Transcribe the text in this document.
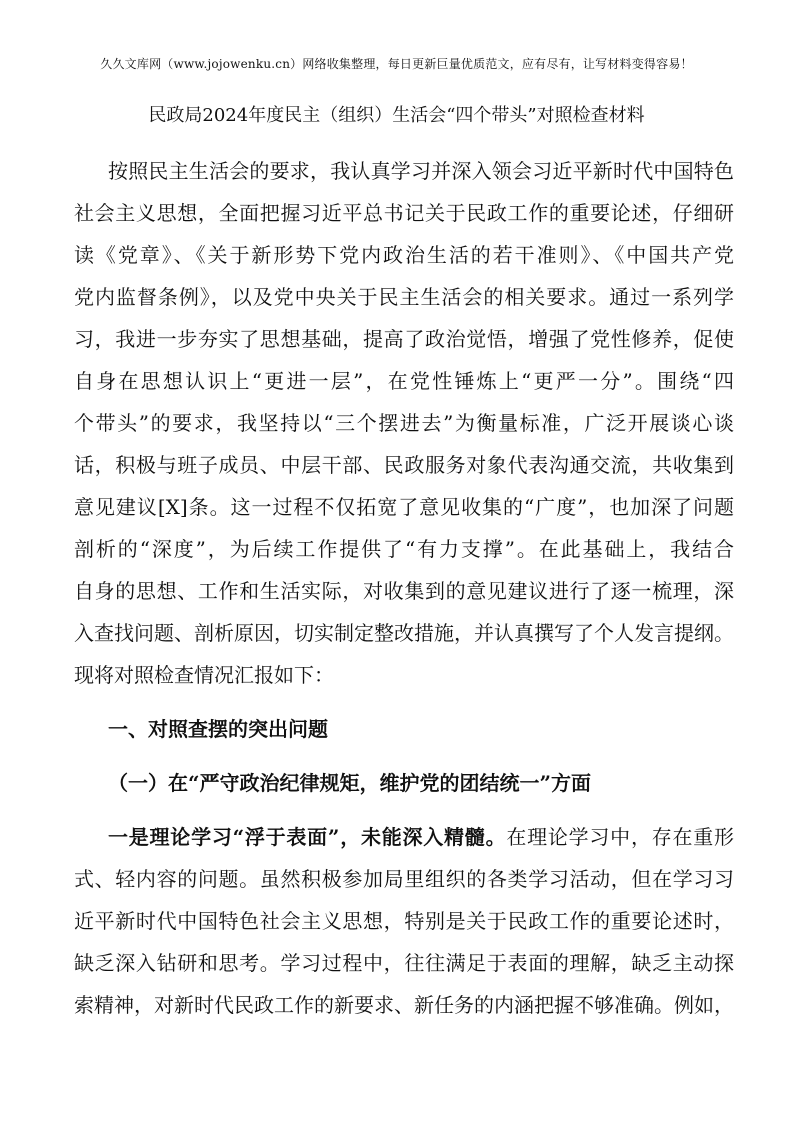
久久文库网（www.jojowenku.cn）网络收集整理，每日更新巨量优质范文，应有尽有，让写材料变得容易！
民政局2024年度民主（组织）生活会“四个带头”对照检查材料
按照民主生活会的要求，我认真学习并深入领会习近平新时代中国特色
社会主义思想，全面把握习近平总书记关于民政工作的重要论述，仔细研
读《党章》、《关于新形势下党内政治生活的若干准则》、《中国共产党
党内监督条例》，以及党中央关于民主生活会的相关要求。通过一系列学
习，我进一步夯实了思想基础，提高了政治觉悟，增强了党性修养，促使
自身在思想认识上“更进一层”，在党性锤炼上“更严一分”。围绕“四
个带头”的要求，我坚持以“三个摆进去”为衡量标准，广泛开展谈心谈
话，积极与班子成员、中层干部、民政服务对象代表沟通交流，共收集到
意见建议[X]条。这一过程不仅拓宽了意见收集的“广度”，也加深了问题
剖析的“深度”，为后续工作提供了“有力支撑”。在此基础上，我结合
自身的思想、工作和生活实际，对收集到的意见建议进行了逐一梳理，深
入查找问题、剖析原因，切实制定整改措施，并认真撰写了个人发言提纲。
现将对照检查情况汇报如下：
一、对照查摆的突出问题
（一）在“严守政治纪律规矩，维护党的团结统一”方面
一是理论学习“浮于表面”，未能深入精髓。在理论学习中，存在重形
式、轻内容的问题。虽然积极参加局里组织的各类学习活动，但在学习习
近平新时代中国特色社会主义思想，特别是关于民政工作的重要论述时，
缺乏深入钻研和思考。学习过程中，往往满足于表面的理解，缺乏主动探
索精神，对新时代民政工作的新要求、新任务的内涵把握不够准确。例如，
